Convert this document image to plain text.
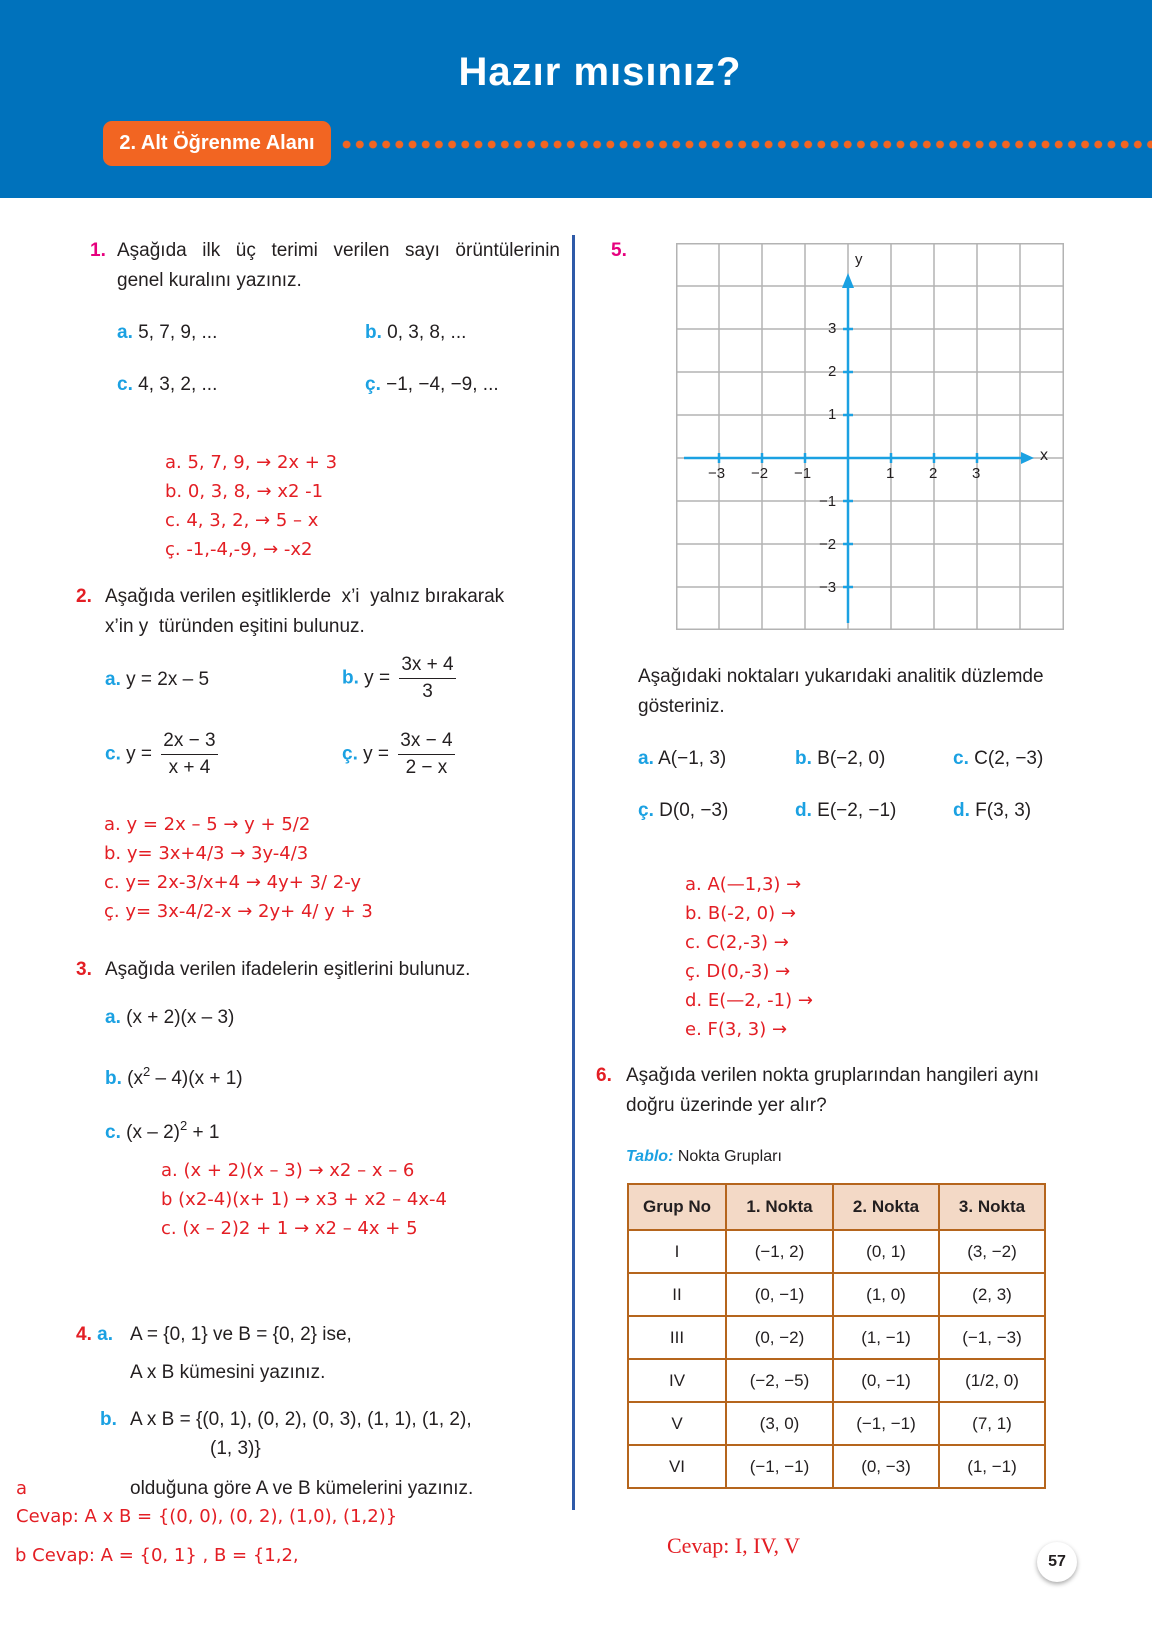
Hazır mısınız?
2. Alt Öğrenme Alanı
1. Aşağıda ilk üç terimi verilen sayı örüntülerinin
genel kuralını yazınız.
a. 5, 7, 9, ...	b. 0, 3, 8, ...
c. 4, 3, 2, ...	ç. −1, −4, −9, ...
a. 5, 7, 9, → 2x + 3
b. 0, 3, 8, → x2 -1
c. 4, 3, 2, → 5 – x
ç. -1,-4,-9, → -x2
2. Aşağıda verilen eşitliklerde  x’i  yalnız bırakarak
x’in y  türünden eşitini bulunuz.
a. y = 2x – 5	b. $y = \frac{3x + 4}{3}$
c. $y = \frac{2x - 3}{x + 4}$	ç. $y = \frac{3x - 4}{2 - x}$
a. y = 2x – 5 → y + 5/2
b. y= 3x+4/3 → 3y-4/3
c. y= 2x-3/x+4 → 4y+ 3/ 2-y
ç. y= 3x-4/2-x → 2y+ 4/ y + 3
3. Aşağıda verilen ifadelerin eşitlerini bulunuz.
a. (x + 2)(x – 3)
b. $(x^2 - 4)(x + 1)$
c. (x – 2)$^2$ + 1
a. (x + 2)(x – 3) → x2 – x – 6
b (x2-4)(x+ 1) → x3 + x2 – 4x-4
c. (x – 2)2 + 1 → x2 – 4x + 5
4. a. A = {0, 1} ve B = {0, 2} ise,
A x B kümesini yazınız.
b. A x B = {(0, 1), (0, 2), (0, 3), (1, 1), (1, 2),
(1, 3)}
a	olduğuna göre A ve B kümelerini yazınız.
Cevap: A x B = {(0, 0), (0, 2), (1,0), (1,2)}
b Cevap: A = {0, 1} , B = {1,2,
5.	y
x
−3 −2 −1	1 2 3
3
2
1
−1
−2
−3
Aşağıdaki noktaları yukarıdaki analitik düzlemde
gösteriniz.
a. A(−1, 3)	b. B(−2, 0)	c. C(2, −3)
ç. D(0, −3)	d. E(−2, −1)	d. F(3, 3)
a. A(—1,3) →
b. B(-2, 0) →
c. C(2,-3) →
ç. D(0,-3) →
d. E(—2, -1) →
e. F(3, 3) →
6. Aşağıda verilen nokta gruplarından hangileri aynı
doğru üzerinde yer alır?
Tablo: Nokta Grupları
Grup No	1. Nokta	2. Nokta	3. Nokta
I	(−1, 2)	(0, 1)	(3, −2)
II	(0, −1)	(1, 0)	(2, 3)
III	(0, −2)	(1, −1)	(−1, −3)
IV	(−2, −5)	(0, −1)	(1/2, 0)
V	(3, 0)	(−1, −1)	(7, 1)
VI	(−1, −1)	(0, −3)	(1, −1)
Cevap: I, IV, V
57
